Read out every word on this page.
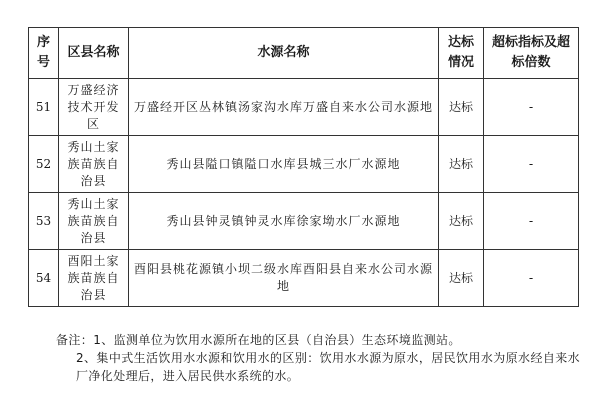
序号	区县名称	水源名称	达标情况	超标指标及超标倍数
51	万盛经济技术开发区	万盛经开区丛林镇汤家沟水库万盛自来水公司水源地	达标	-
52	秀山土家族苗族自治县	秀山县隘口镇隘口水库县城三水厂水源地	达标	-
53	秀山土家族苗族自治县	秀山县钟灵镇钟灵水库徐家坳水厂水源地	达标	-
54	酉阳土家族苗族自治县	酉阳县桃花源镇小坝二级水库酉阳县自来水公司水源地	达标	-
备注：1、监测单位为饮用水源所在地的区县（自治县）生态环境监测站。
2、集中式生活饮用水水源和饮用水的区别：饮用水水源为原水，居民饮用水为原水经自来水厂净化处理后，进入居民供水系统的水。
